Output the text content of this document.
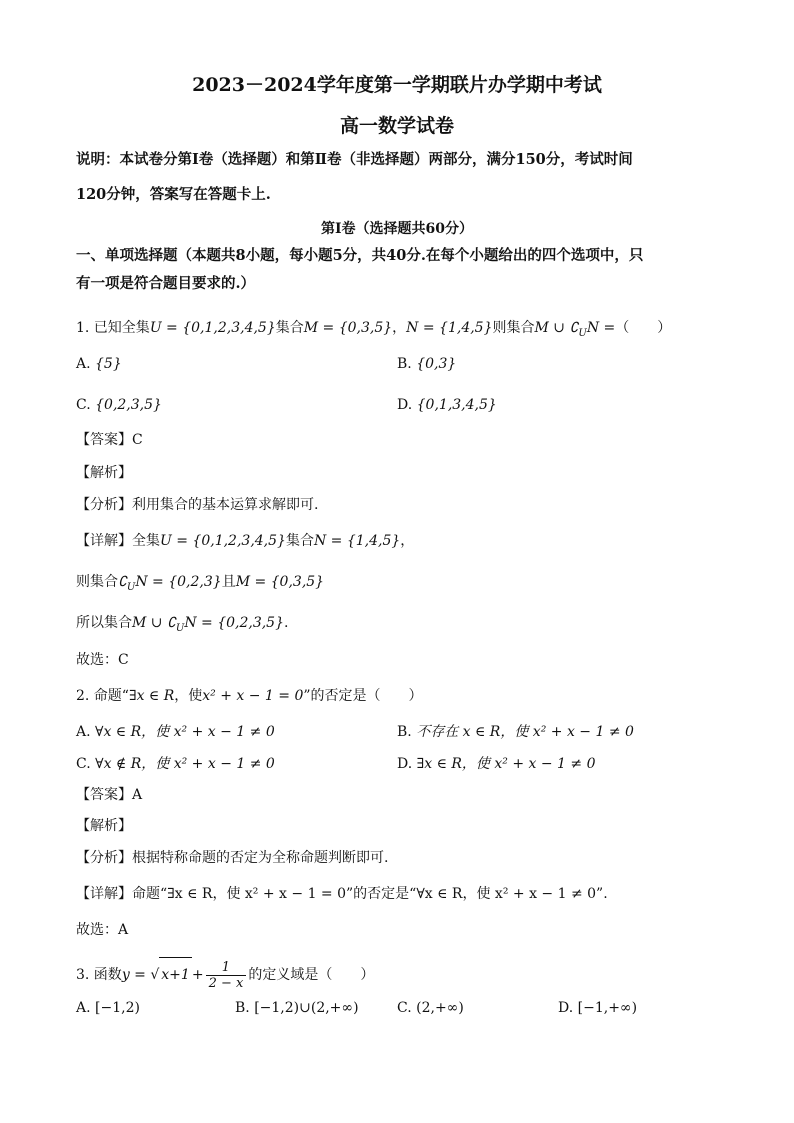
2023－2024学年度第一学期联片办学期中考试
高一数学试卷
说明：本试卷分第Ⅰ卷（选择题）和第Ⅱ卷（非选择题）两部分，满分150分，考试时间
120分钟，答案写在答题卡上.
第Ⅰ卷（选择题共60分）
一、单项选择题（本题共8小题，每小题5分，共40分.在每个小题给出的四个选项中，只
有一项是符合题目要求的.）
1. 已知全集U = {0,1,2,3,4,5}集合M = {0,3,5}，N = {1,4,5}则集合M ∪ $∁_UN$ =（　　）
A. {5}	B. {0,3}
C. {0,2,3,5}	D. {0,1,3,4,5}
【答案】C
【解析】
【分析】利用集合的基本运算求解即可.
【详解】全集U = {0,1,2,3,4,5}集合N = {1,4,5}，
则集合$∁_UN = \{0,2,3\}$且M = {0,3,5}
所以集合M ∪ $∁_UN = \{0,2,3,5\}$.
故选：C
2. 命题“∃x ∈ R，使x² + x − 1 = 0”的否定是（　　）
A. ∀x ∈ R，使 x² + x − 1 ≠ 0	B. 不存在 x ∈ R，使 x² + x − 1 ≠ 0
C. ∀x ∉ R，使 x² + x − 1 ≠ 0	D. ∃x ∈ R，使 x² + x − 1 ≠ 0
【答案】A
【解析】
【分析】根据特称命题的否定为全称命题判断即可.
【详解】命题“∃x ∈ R，使 x² + x − 1 = 0”的否定是“∀x ∈ R，使 x² + x − 1 ≠ 0”.
故选：A
3. 函数y = √ $x+1 + \frac{1}{2 - x}$ 的定义域是（　　）
A. [−1,2)	B. [−1,2)∪(2,+∞)	C. (2,+∞)	D. [−1,+∞)
